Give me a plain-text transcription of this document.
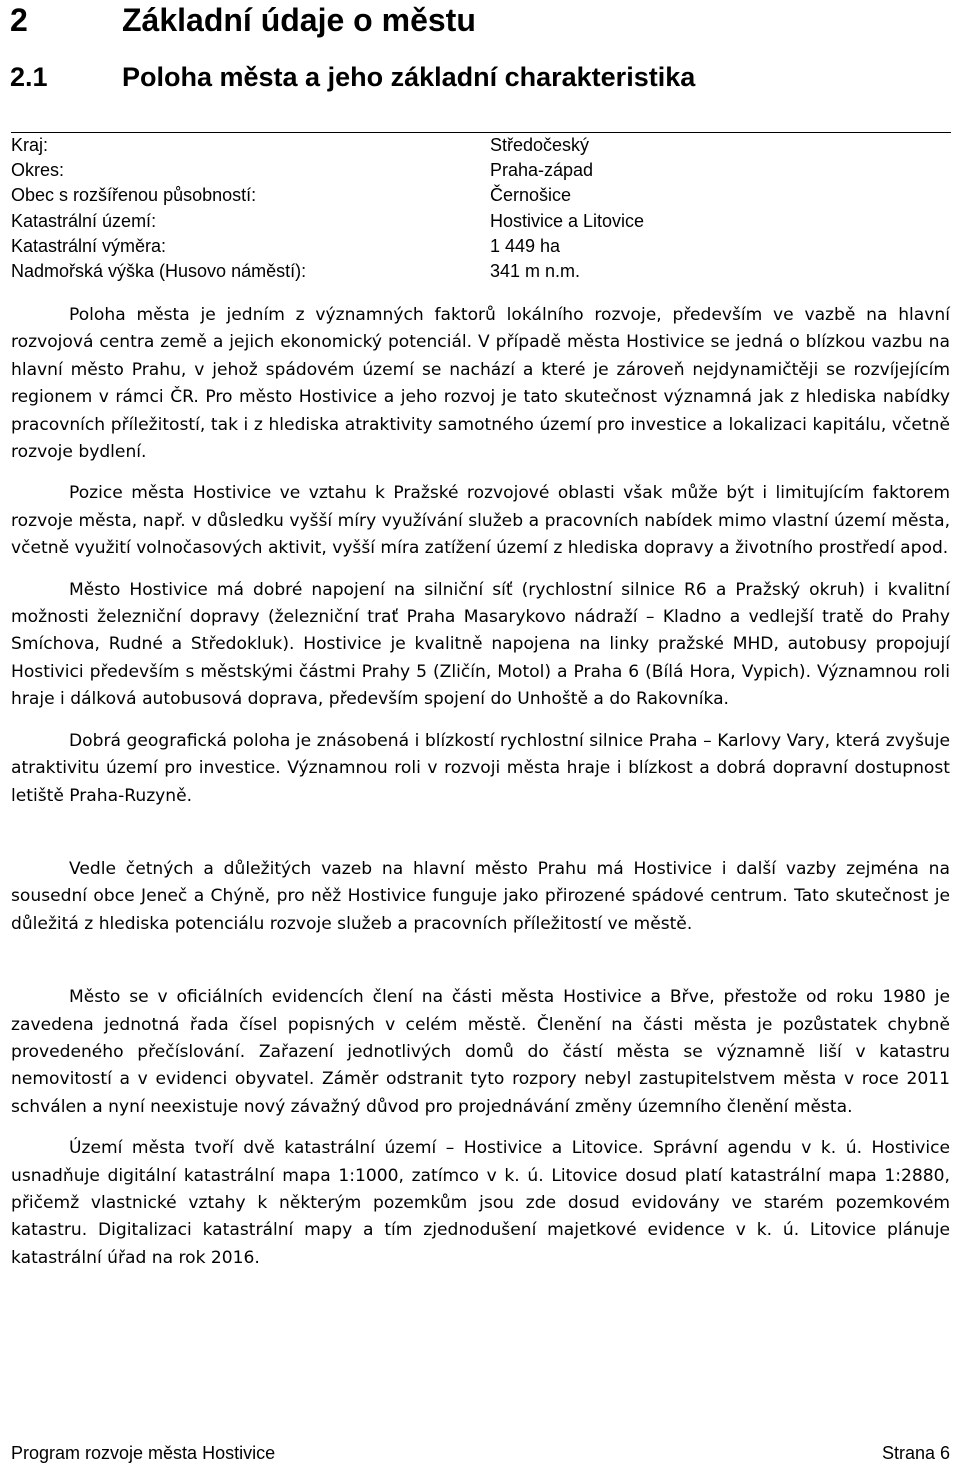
2	Základní údaje o městu
2.1	Poloha města a jeho základní charakteristika
Kraj:	Středočeský
Okres:	Praha-západ
Obec s rozšířenou působností:	Černošice
Katastrální území:	Hostivice a Litovice
Katastrální výměra:	1 449 ha
Nadmořská výška (Husovo náměstí):	341 m n.m.

Poloha města je jedním z významných faktorů lokálního rozvoje, především ve vazbě na hlavní rozvojová centra země a jejich ekonomický potenciál. V případě města Hostivice se jedná o blízkou vazbu na hlavní město Prahu, v jehož spádovém území se nachází a které je zároveň nejdynamičtěji se rozvíjejícím regionem v rámci ČR. Pro město Hostivice a jeho rozvoj je tato skutečnost významná jak z hlediska nabídky pracovních příležitostí, tak i z hlediska atraktivity samotného území pro investice a lokalizaci kapitálu, včetně rozvoje bydlení.

Pozice města Hostivice ve vztahu k Pražské rozvojové oblasti však může být i limitujícím faktorem rozvoje města, např. v důsledku vyšší míry využívání služeb a pracovních nabídek mimo vlastní území města, včetně využití volnočasových aktivit, vyšší míra zatížení území z hlediska dopravy a životního prostředí apod.

Město Hostivice má dobré napojení na silniční síť (rychlostní silnice R6 a Pražský okruh) i kvalitní možnosti železniční dopravy (železniční trať Praha Masarykovo nádraží – Kladno a vedlejší tratě do Prahy Smíchova, Rudné a Středokluk). Hostivice je kvalitně napojena na linky pražské MHD, autobusy propojují Hostivici především s městskými částmi Prahy 5 (Zličín, Motol) a Praha 6 (Bílá Hora, Vypich). Významnou roli hraje i dálková autobusová doprava, především spojení do Unhoště a do Rakovníka.

Dobrá geografická poloha je znásobená i blízkostí rychlostní silnice Praha – Karlovy Vary, která zvyšuje atraktivitu území pro investice. Významnou roli v rozvoji města hraje i blízkost a dobrá dopravní dostupnost letiště Praha-Ruzyně.

Vedle četných a důležitých vazeb na hlavní město Prahu má Hostivice i další vazby zejména na sousední obce Jeneč a Chýně, pro něž Hostivice funguje jako přirozené spádové centrum. Tato skutečnost je důležitá z hlediska potenciálu rozvoje služeb a pracovních příležitostí ve městě.

Město se v oficiálních evidencích člení na části města Hostivice a Břve, přestože od roku 1980 je zavedena jednotná řada čísel popisných v celém městě. Členění na části města je pozůstatek chybně provedeného přečíslování. Zařazení jednotlivých domů do částí města se významně liší v katastru nemovitostí a v evidenci obyvatel. Záměr odstranit tyto rozpory nebyl zastupitelstvem města v roce 2011 schválen a nyní neexistuje nový závažný důvod pro projednávání změny územního členění města.

Území města tvoří dvě katastrální území – Hostivice a Litovice. Správní agendu v k. ú. Hostivice usnadňuje digitální katastrální mapa 1:1000, zatímco v k. ú. Litovice dosud platí katastrální mapa 1:2880, přičemž vlastnické vztahy k některým pozemkům jsou zde dosud evidovány ve starém pozemkovém katastru. Digitalizaci katastrální mapy a tím zjednodušení majetkové evidence v k. ú. Litovice plánuje katastrální úřad na rok 2016.

Program rozvoje města Hostivice	Strana 6
